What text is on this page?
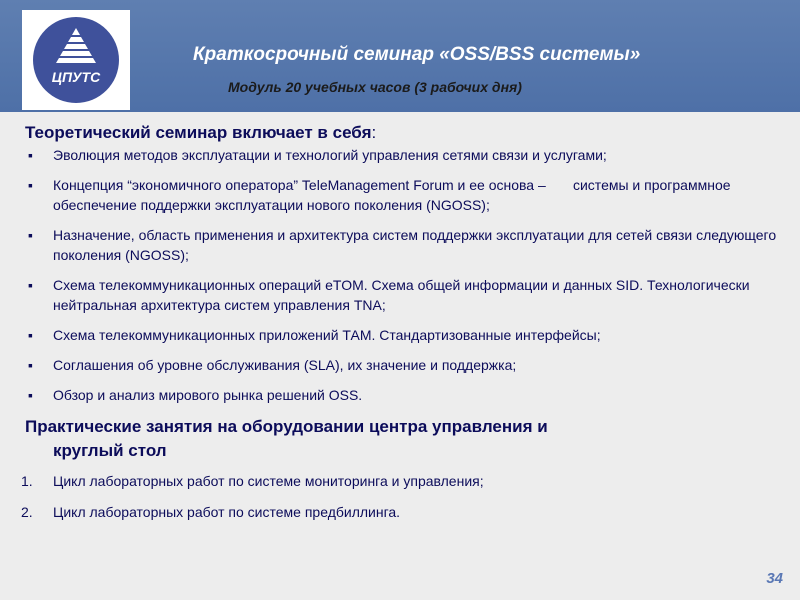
ЦПУТС
Краткосрочный семинар «OSS/BSS системы»
Модуль 20 учебных часов (3 рабочих дня)
Теоретический семинар включает в себя:
▪ Эволюция методов эксплуатации и технологий управления сетями связи и услугами;
▪ Концепция “экономичного оператора” TeleManagement Forum и ее основа –       системы и программное обеспечение поддержки эксплуатации нового поколения (NGOSS);
▪ Назначение, область применения и архитектура систем поддержки эксплуатации для сетей связи следующего поколения (NGOSS);
▪ Схема телекоммуникационных операций eTOM. Схема общей информации и данных SID. Технологически нейтральная архитектура систем управления TNA;
▪ Схема телекоммуникационных приложений ТАМ. Стандартизованные интерфейсы;
▪ Соглашения об уровне обслуживания (SLA), их значение и поддержка;
▪ Обзор и анализ мирового рынка решений OSS.
Практические занятия на оборудовании центра управления и
круглый стол
1. Цикл лабораторных работ по системе мониторинга и управления;
2. Цикл лабораторных работ по системе предбиллинга.
34
